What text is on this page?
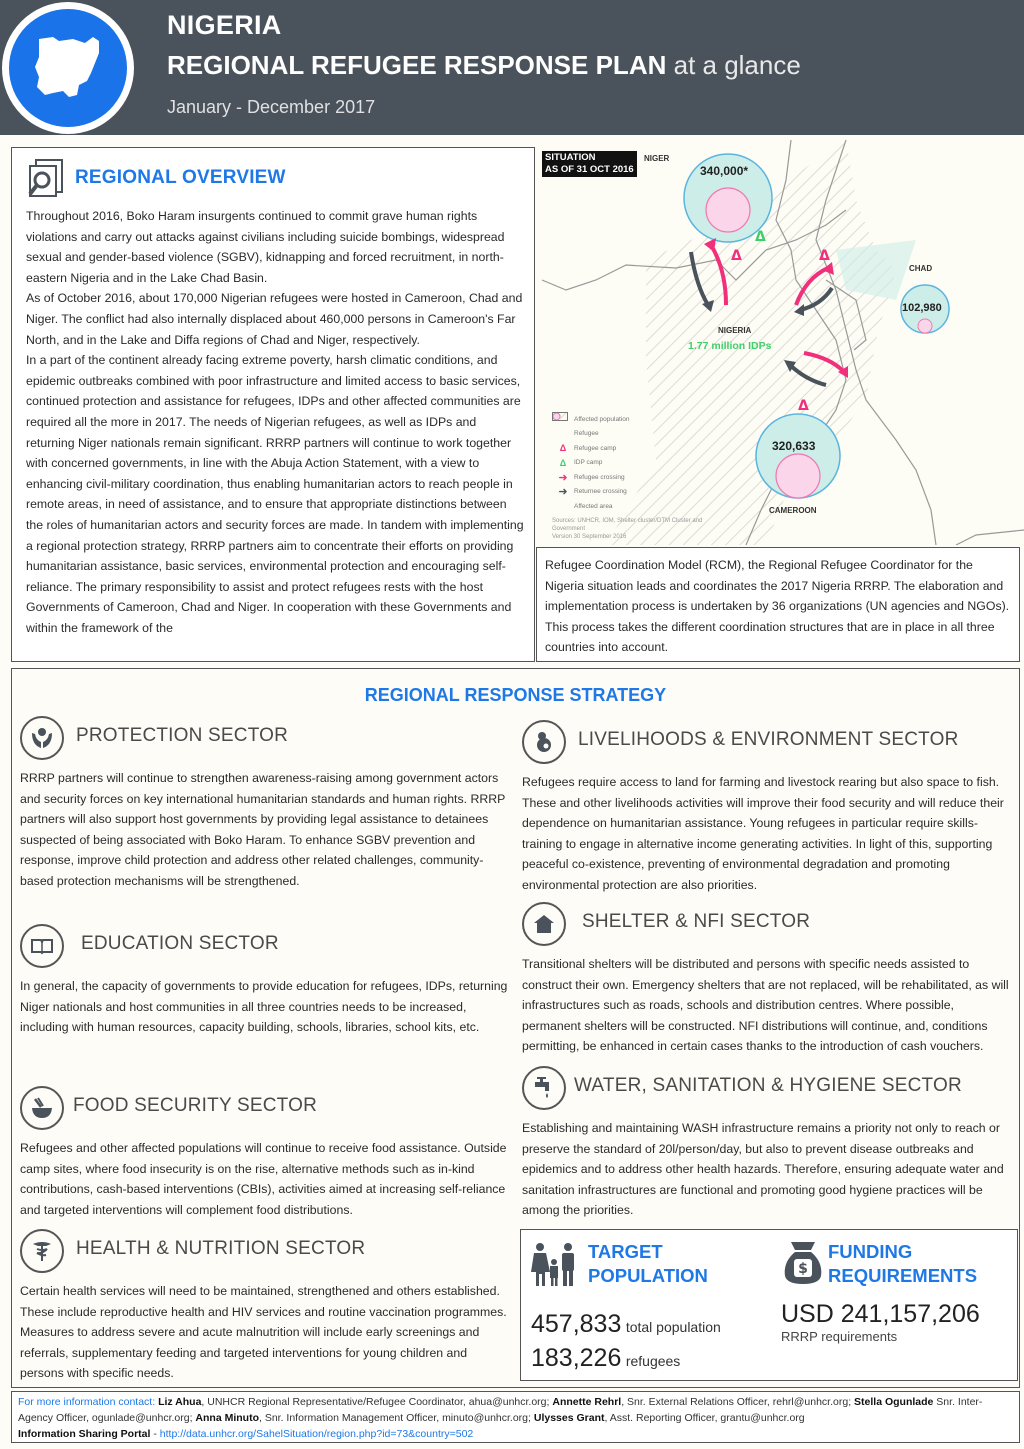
NIGERIA
REGIONAL REFUGEE RESPONSE PLAN at a glance
January - December 2017
REGIONAL OVERVIEW

Throughout 2016, Boko Haram insurgents continued to commit grave human rights violations and carry out attacks against civilians including suicide bombings, widespread sexual and gender-based violence (SGBV), kidnapping and forced recruitment, in north-eastern Nigeria and in the Lake Chad Basin.

As of October 2016, about 170,000 Nigerian refugees were hosted in Cameroon, Chad and Niger. The conflict had also internally displaced about 460,000 persons in Cameroon's Far North, and in the Lake and Diffa regions of Chad and Niger, respectively.

In a part of the continent already facing extreme poverty, harsh climatic conditions, and epidemic outbreaks combined with poor infrastructure and limited access to basic services, continued protection and assistance for refugees, IDPs and other affected communities are required all the more in 2017. The needs of Nigerian refugees, as well as IDPs and returning Niger nationals remain significant. RRRP partners will continue to work together with concerned governments, in line with the Abuja Action Statement, with a view to enhancing civil-military coordination, thus enabling humanitarian actors to reach people in remote areas, in need of assistance, and to ensure that appropriate distinctions between the roles of humanitarian actors and security forces are made. In tandem with implementing a regional protection strategy, RRRP partners aim to concentrate their efforts on providing humanitarian assistance, basic services, environmental protection and encouraging self-reliance. The primary responsibility to assist and protect refugees rests with the host Governments of Cameroon, Chad and Niger. In cooperation with these Governments and within the framework of the

Δ
Δ	Δ
Δ
SITUATION
AS OF 31 OCT 2016
NIGER
CHAD
NIGERIA
CAMEROON
340,000*
102,980
320,633
1.77 million IDPs
Affected population
Refugee
Δ	Refugee camp
Δ	IDP camp
➜ Refugee crossing
➜ Returnee crossing
Affected area
Sources: UNHCR, IOM, Shelter cluster/DTM Cluster and Government
Version 30 September 2016
Refugee Coordination Model (RCM), the Regional Refugee Coordinator for the Nigeria situation leads and coordinates the 2017 Nigeria RRRP. The elaboration and implementation process is undertaken by 36 organizations (UN agencies and NGOs). This process takes the different coordination structures that are in place in all three countries into account.
REGIONAL RESPONSE STRATEGY
PROTECTION SECTOR
RRRP partners will continue to strengthen awareness-raising among government actors and security forces on key international humanitarian standards and human rights. RRRP partners will also support host governments by providing legal assistance to detainees suspected of being associated with Boko Haram. To enhance SGBV prevention and response, improve child protection and address other related challenges, community-based protection mechanisms will be strengthened.
LIVELIHOODS & ENVIRONMENT SECTOR
Refugees require access to land for farming and livestock rearing but also space to fish. These and other livelihoods activities will improve their food security and will reduce their dependence on humanitarian assistance. Young refugees in particular require skills-training to engage in alternative income generating activities. In light of this, supporting peaceful co-existence, preventing of environmental degradation and promoting environmental protection are also priorities.
EDUCATION SECTOR
In general, the capacity of governments to provide education for refugees, IDPs, returning Niger nationals and host communities in all three countries needs to be increased, including with human resources, capacity building, schools, libraries, school kits, etc.
SHELTER & NFI SECTOR
Transitional shelters will be distributed and persons with specific needs assisted to construct their own. Emergency shelters that are not replaced, will be rehabilitated, as will infrastructures such as roads, schools and distribution centres. Where possible, permanent shelters will be constructed. NFI distributions will continue, and, conditions permitting, be enhanced in certain cases thanks to the introduction of cash vouchers.
FOOD SECURITY SECTOR
Refugees and other affected populations will continue to receive food assistance. Outside camp sites, where food insecurity is on the rise, alternative methods such as in-kind contributions, cash-based interventions (CBIs), activities aimed at increasing self-reliance and targeted interventions will complement food distributions.
WATER, SANITATION & HYGIENE SECTOR
Establishing and maintaining WASH infrastructure remains a priority not only to reach or preserve the standard of 20l/person/day, but also to prevent disease outbreaks and epidemics and to address other health hazards. Therefore, ensuring adequate water and sanitation infrastructures are functional and promoting good hygiene practices will be among the priorities.
HEALTH & NUTRITION SECTOR
Certain health services will need to be maintained, strengthened and others established. These include reproductive health and HIV services and routine vaccination programmes. Measures to address severe and acute malnutrition will include early screenings and referrals, supplementary feeding and targeted interventions for young children and persons with specific needs.
TARGET
POPULATION
457,833 total population
183,226 refugees
$
FUNDING
REQUIREMENTS
USD 241,157,206
RRRP requirements
For more information contact: Liz Ahua, UNHCR Regional Representative/Refugee Coordinator, ahua@unhcr.org; Annette Rehrl, Snr. External Relations Officer, rehrl@unhcr.org; Stella Ogunlade Snr. Inter-Agency Officer, ogunlade@unhcr.org; Anna Minuto, Snr. Information Management Officer, minuto@unhcr.org; Ulysses Grant, Asst. Reporting Officer, grantu@unhcr.org
Information Sharing Portal - http://data.unhcr.org/SahelSituation/region.php?id=73&country=502
